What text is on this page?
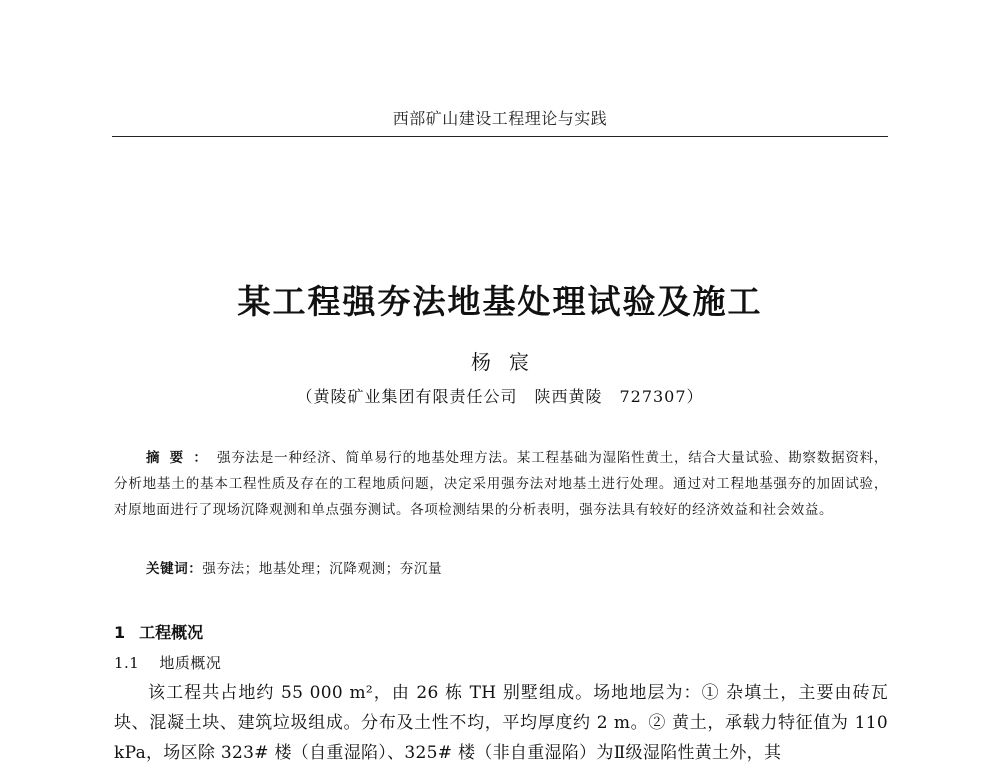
西部矿山建设工程理论与实践
某工程强夯法地基处理试验及施工
杨宸
（黄陵矿业集团有限责任公司　陕西黄陵　727307）
摘要：强夯法是一种经济、简单易行的地基处理方法。某工程基础为湿陷性黄土，结合大量试验、勘察数据资料，分析地基土的基本工程性质及存在的工程地质问题，决定采用强夯法对地基土进行处理。通过对工程地基强夯的加固试验，对原地面进行了现场沉降观测和单点强夯测试。各项检测结果的分析表明，强夯法具有较好的经济效益和社会效益。
关键词：强夯法；地基处理；沉降观测；夯沉量
1 工程概况
1.1 地质概况
该工程共占地约 55 000 m²，由 26 栋 TH 别墅组成。场地地层为：① 杂填土，主要由砖瓦块、混凝土块、建筑垃圾组成。分布及土性不均，平均厚度约 2 m。② 黄土，承载力特征值为 110 kPa，场区除 323# 楼（自重湿陷）、325# 楼（非自重湿陷）为Ⅱ级湿陷性黄土外，其
